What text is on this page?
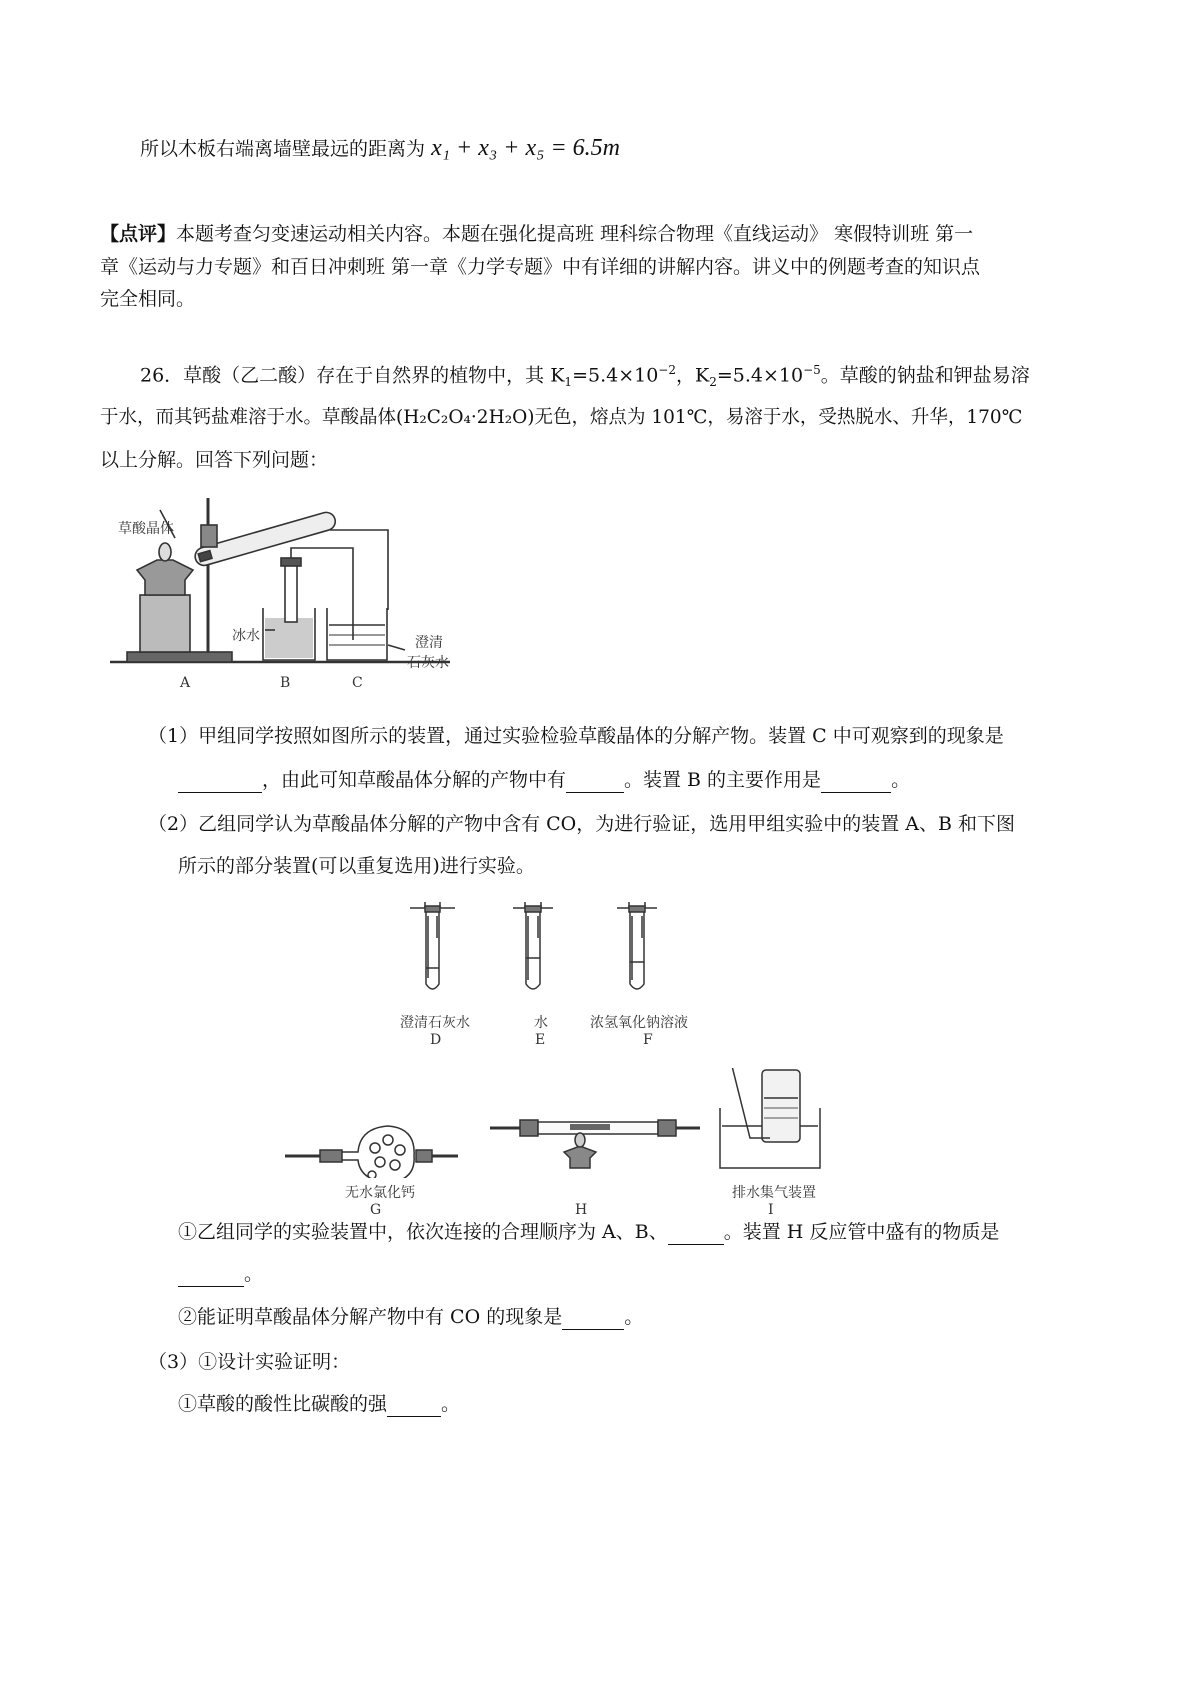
所以木板右端离墙壁最远的距离为 x₁ + x₃ + x₅ = 6.5m
【点评】本题考查匀变速运动相关内容。本题在强化提高班 理科综合物理《直线运动》 寒假特训班 第一
章《运动与力专题》和百日冲刺班 第一章《力学专题》中有详细的讲解内容。讲义中的例题考查的知识点
完全相同。
26．草酸（乙二酸）存在于自然界的植物中，其 $K_1=5.4\times 10^{-2}$，$K_2=5.4\times 10^{-5}$。草酸的钠盐和钾盐易溶
于水，而其钙盐难溶于水。草酸晶体(H₂C₂O₄·2H₂O)无色，熔点为 101℃，易溶于水，受热脱水、升华，170℃
以上分解。回答下列问题：
草酸晶体
冰水	澄清
石灰水
A	B	C
（1）甲组同学按照如图所示的装置，通过实验检验草酸晶体的分解产物。装置 C 中可观察到的现象是
，由此可知草酸晶体分解的产物中有	。装置 B 的主要作用是	。
（2）乙组同学认为草酸晶体分解的产物中含有 CO，为进行验证，选用甲组实验中的装置 A、B 和下图
所示的部分装置(可以重复选用)进行实验。
澄清石灰水
D
水
E
浓氢氧化钠溶液
F
无水氯化钙
G	H
排水集气装置
I
①乙组同学的实验装置中，依次连接的合理顺序为 A、B、	。装置 H 反应管中盛有的物质是
。
②能证明草酸晶体分解产物中有 CO 的现象是	。
（3）①设计实验证明：
①草酸的酸性比碳酸的强	。
